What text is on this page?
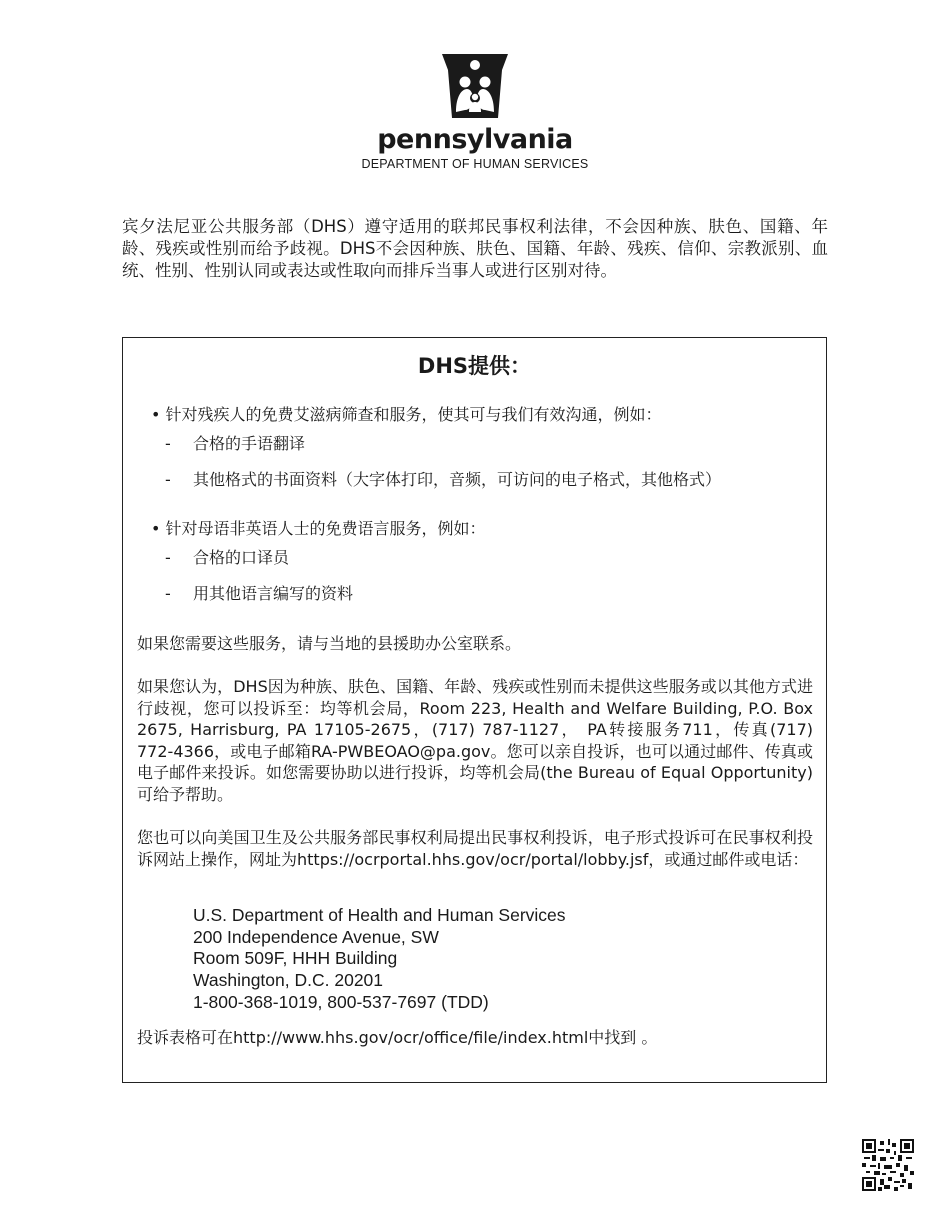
pennsylvania
DEPARTMENT OF HUMAN SERVICES
宾夕法尼亚公共服务部（DHS）遵守适用的联邦民事权利法律，不会因种族、肤色、国籍、年龄、残疾或性别而给予歧视。DHS不会因种族、肤色、国籍、年龄、残疾、信仰、宗教派别、血统、性别、性别认同或表达或性取向而排斥当事人或进行区别对待。
DHS提供：
• 针对残疾人的免费艾滋病筛查和服务，使其可与我们有效沟通，例如：
- 合格的手语翻译
- 其他格式的书面资料（大字体打印，音频，可访问的电子格式，其他格式）
• 针对母语非英语人士的免费语言服务，例如：
- 合格的口译员
- 用其他语言编写的资料
如果您需要这些服务，请与当地的县援助办公室联系。
如果您认为，DHS因为种族、肤色、国籍、年龄、残疾或性别而未提供这些服务或以其他方式进行歧视，您可以投诉至：均等机会局，Room 223, Health and Welfare Building, P.O. Box 2675, Harrisburg, PA 17105-2675，(717) 787-1127， PA转接服务711，传真(717) 772-4366，或电子邮箱RA-PWBEOAO@pa.gov。您可以亲自投诉，也可以通过邮件、传真或电子邮件来投诉。如您需要协助以进行投诉，均等机会局(the Bureau of Equal Opportunity)可给予帮助。
您也可以向美国卫生及公共服务部民事权利局提出民事权利投诉，电子形式投诉可在民事权利投诉网站上操作，网址为https://ocrportal.hhs.gov/ocr/portal/lobby.jsf，或通过邮件或电话：
U.S. Department of Health and Human Services
200 Independence Avenue, SW
Room 509F, HHH Building
Washington, D.C. 20201
1-800-368-1019, 800-537-7697 (TDD)
投诉表格可在http://www.hhs.gov/ocr/office/file/index.html中找到 。
